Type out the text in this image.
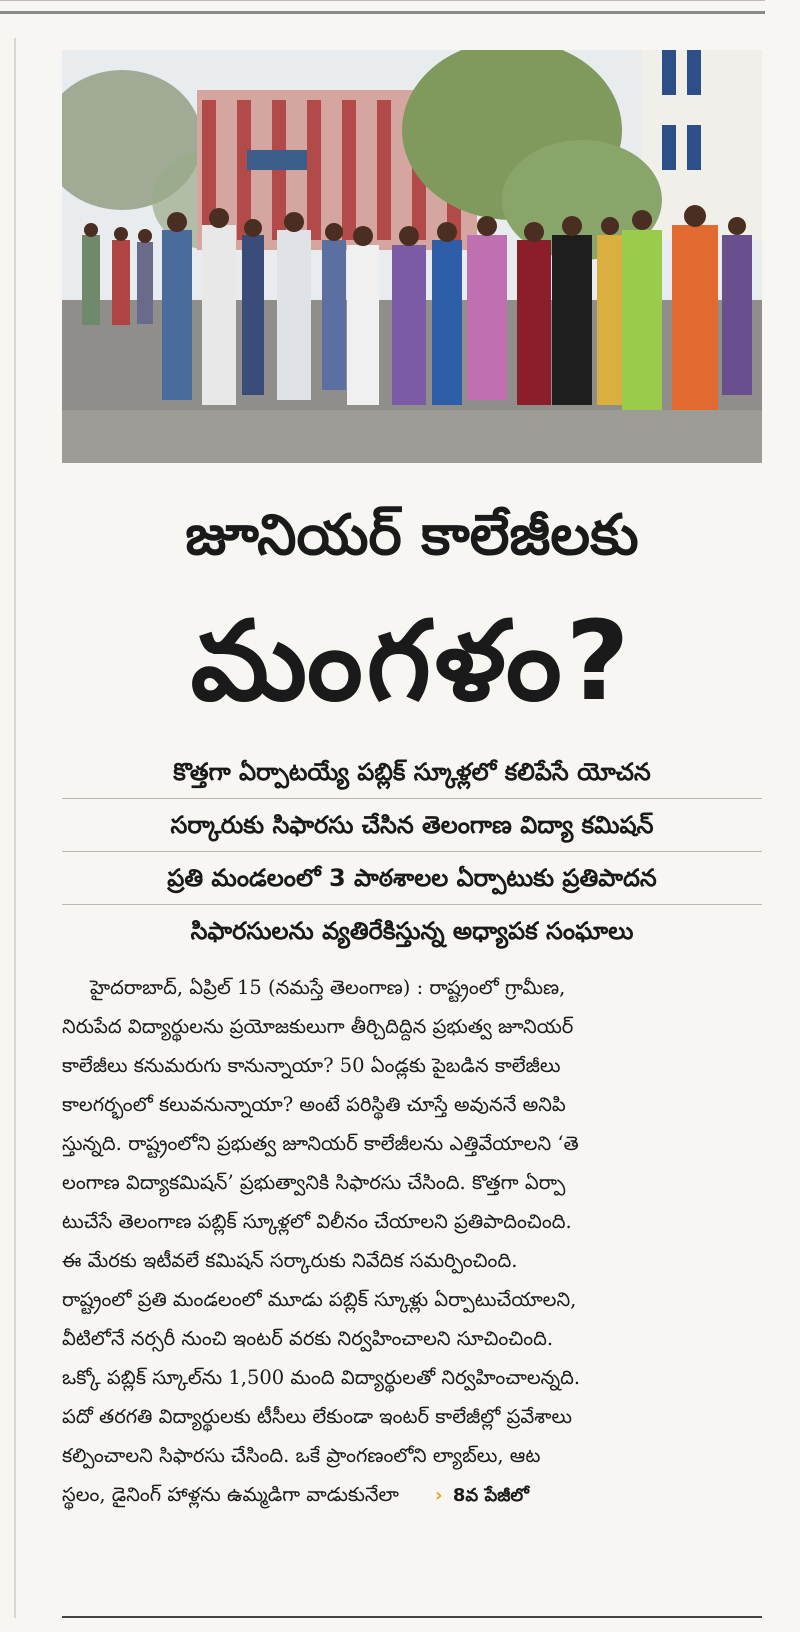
జూనియర్ కాలేజీలకు
మంగళం?
కొత్తగా ఏర్పాటయ్యే పబ్లిక్ స్కూళ్లలో కలిపేసే యోచన
సర్కారుకు సిఫారసు చేసిన తెలంగాణ విద్యా కమిషన్
ప్రతి మండలంలో 3 పాఠశాలల ఏర్పాటుకు ప్రతిపాదన
సిఫారసులను వ్యతిరేకిస్తున్న అధ్యాపక సంఘాలు
హైదరాబాద్, ఏప్రిల్ 15 (నమస్తే తెలంగాణ) : రాష్ట్రంలో గ్రామీణ,
నిరుపేద విద్యార్థులను ప్రయోజకులుగా తీర్చిదిద్దిన ప్రభుత్వ జూనియర్
కాలేజీలు కనుమరుగు కానున్నాయా? 50 ఏండ్లకు పైబడిన కాలేజీలు
కాలగర్భంలో కలువనున్నాయా? అంటే పరిస్థితి చూస్తే అవుననే అనిపి
స్తున్నది. రాష్ట్రంలోని ప్రభుత్వ జూనియర్ కాలేజీలను ఎత్తివేయాలని ‘తె
లంగాణ విద్యాకమిషన్’ ప్రభుత్వానికి సిఫారసు చేసింది. కొత్తగా ఏర్పా
టుచేసే తెలంగాణ పబ్లిక్ స్కూళ్లలో విలీనం చేయాలని ప్రతిపాదించింది.
ఈ మేరకు ఇటీవలే కమిషన్ సర్కారుకు నివేదిక సమర్పించింది.
రాష్ట్రంలో ప్రతి మండలంలో మూడు పబ్లిక్ స్కూళ్లు ఏర్పాటుచేయాలని,
వీటిలోనే నర్సరీ నుంచి ఇంటర్ వరకు నిర్వహించాలని సూచించింది.
ఒక్కో పబ్లిక్ స్కూల్‌ను 1,500 మంది విద్యార్థులతో నిర్వహించాలన్నది.
పదో తరగతి విద్యార్థులకు టీసీలు లేకుండా ఇంటర్ కాలేజీల్లో ప్రవేశాలు
కల్పించాలని సిఫారసు చేసింది. ఒకే ప్రాంగణంలోని ల్యాబ్‌లు, ఆట
స్థలం, డైనింగ్ హాళ్లను ఉమ్మడిగా వాడుకునేలా › 8వ పేజీలో
